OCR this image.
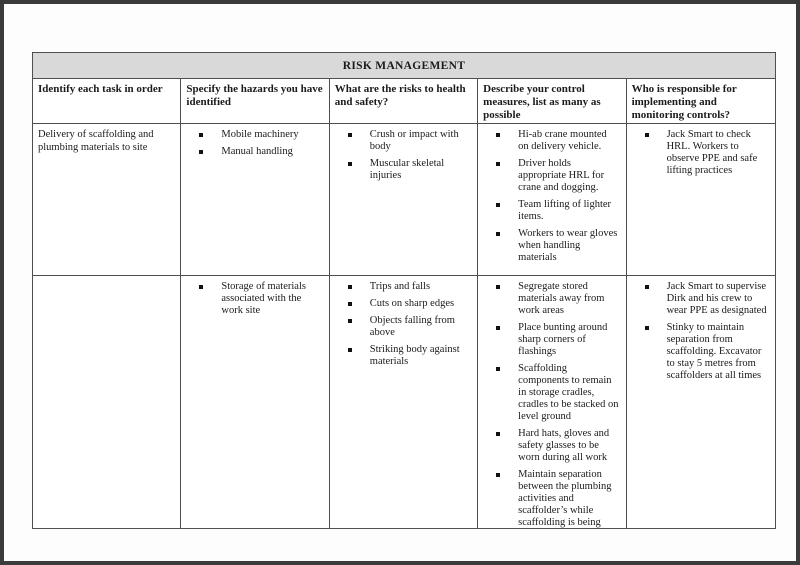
RISK MANAGEMENT
Identify each task in order	Specify the hazards you have identified
What are the risks to health and safety?
Describe your control measures, list as many as possible
Who is responsible for implementing and monitoring controls?

Delivery of scaffolding and plumbing materials to site

Mobile machinery
Manual handling
Crush or impact with body
Muscular skeletal injuries
Hi-ab crane mounted on delivery vehicle.
Driver holds appropriate HRL for crane and dogging.
Team lifting of lighter items.
Workers to wear gloves when handling materials
Jack Smart to check HRL. Workers to observe PPE and safe lifting practices
Storage of materials associated with the work site
Trips and falls
Cuts on sharp edges
Objects falling from above
Striking body against materials
Segregate stored materials away from work areas
Place bunting around sharp corners of flashings
Scaffolding components to remain in storage cradles, cradles to be stacked on level ground
Hard hats, gloves and safety glasses to be worn during all work
Maintain separation between the plumbing activities and scaffolder’s while scaffolding is being
Jack Smart to supervise Dirk and his crew to wear PPE as designated
Stinky to maintain separation from scaffolding. Excavator to stay 5 metres from scaffolders at all times
